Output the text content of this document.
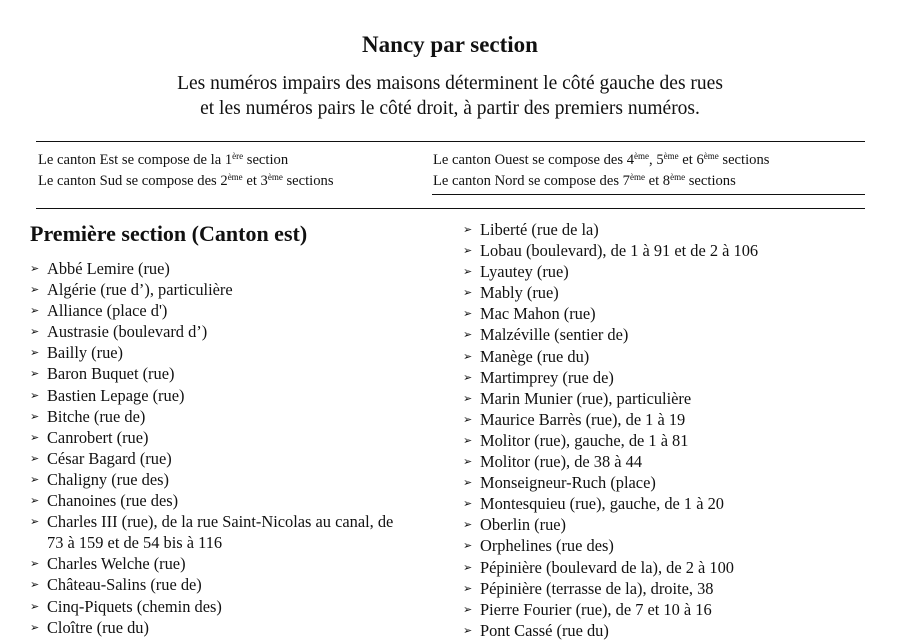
Nancy par section
Les numéros impairs des maisons déterminent le côté gauche des rues
et les numéros pairs le côté droit, à partir des premiers numéros.
Le canton Est se compose de la 1ère section
Le canton Sud se compose des 2ème et 3ème sections
Le canton Ouest se compose des 4ème, 5ème et 6ème sections
Le canton Nord se compose des 7ème et 8ème sections
Première section (Canton est)
➢ Abbé Lemire (rue)
➢ Algérie (rue d’), particulière
➢ Alliance (place d')
➢ Austrasie (boulevard d’)
➢ Bailly (rue)
➢ Baron Buquet (rue)
➢ Bastien Lepage (rue)
➢ Bitche (rue de)
➢ Canrobert (rue)
➢ César Bagard (rue)
➢ Chaligny (rue des)
➢ Chanoines (rue des)
➢ Charles III (rue), de la rue Saint-Nicolas au canal, de
73 à 159 et de 54 bis à 116
➢ Charles Welche (rue)
➢ Château-Salins (rue de)
➢ Cinq-Piquets (chemin des)
➢ Cloître (rue du)
➢ Liberté (rue de la)
➢ Lobau (boulevard), de 1 à 91 et de 2 à 106
➢ Lyautey (rue)
➢ Mably (rue)
➢ Mac Mahon (rue)
➢ Malzéville (sentier de)
➢ Manège (rue du)
➢ Martimprey (rue de)
➢ Marin Munier (rue), particulière
➢ Maurice Barrès (rue), de 1 à 19
➢ Molitor (rue), gauche, de 1 à 81
➢ Molitor (rue), de 38 à 44
➢ Monseigneur-Ruch (place)
➢ Montesquieu (rue), gauche, de 1 à 20
➢ Oberlin (rue)
➢ Orphelines (rue des)
➢ Pépinière (boulevard de la), de 2 à 100
➢ Pépinière (terrasse de la), droite, 38
➢ Pierre Fourier (rue), de 7 et 10 à 16
➢ Pont Cassé (rue du)
